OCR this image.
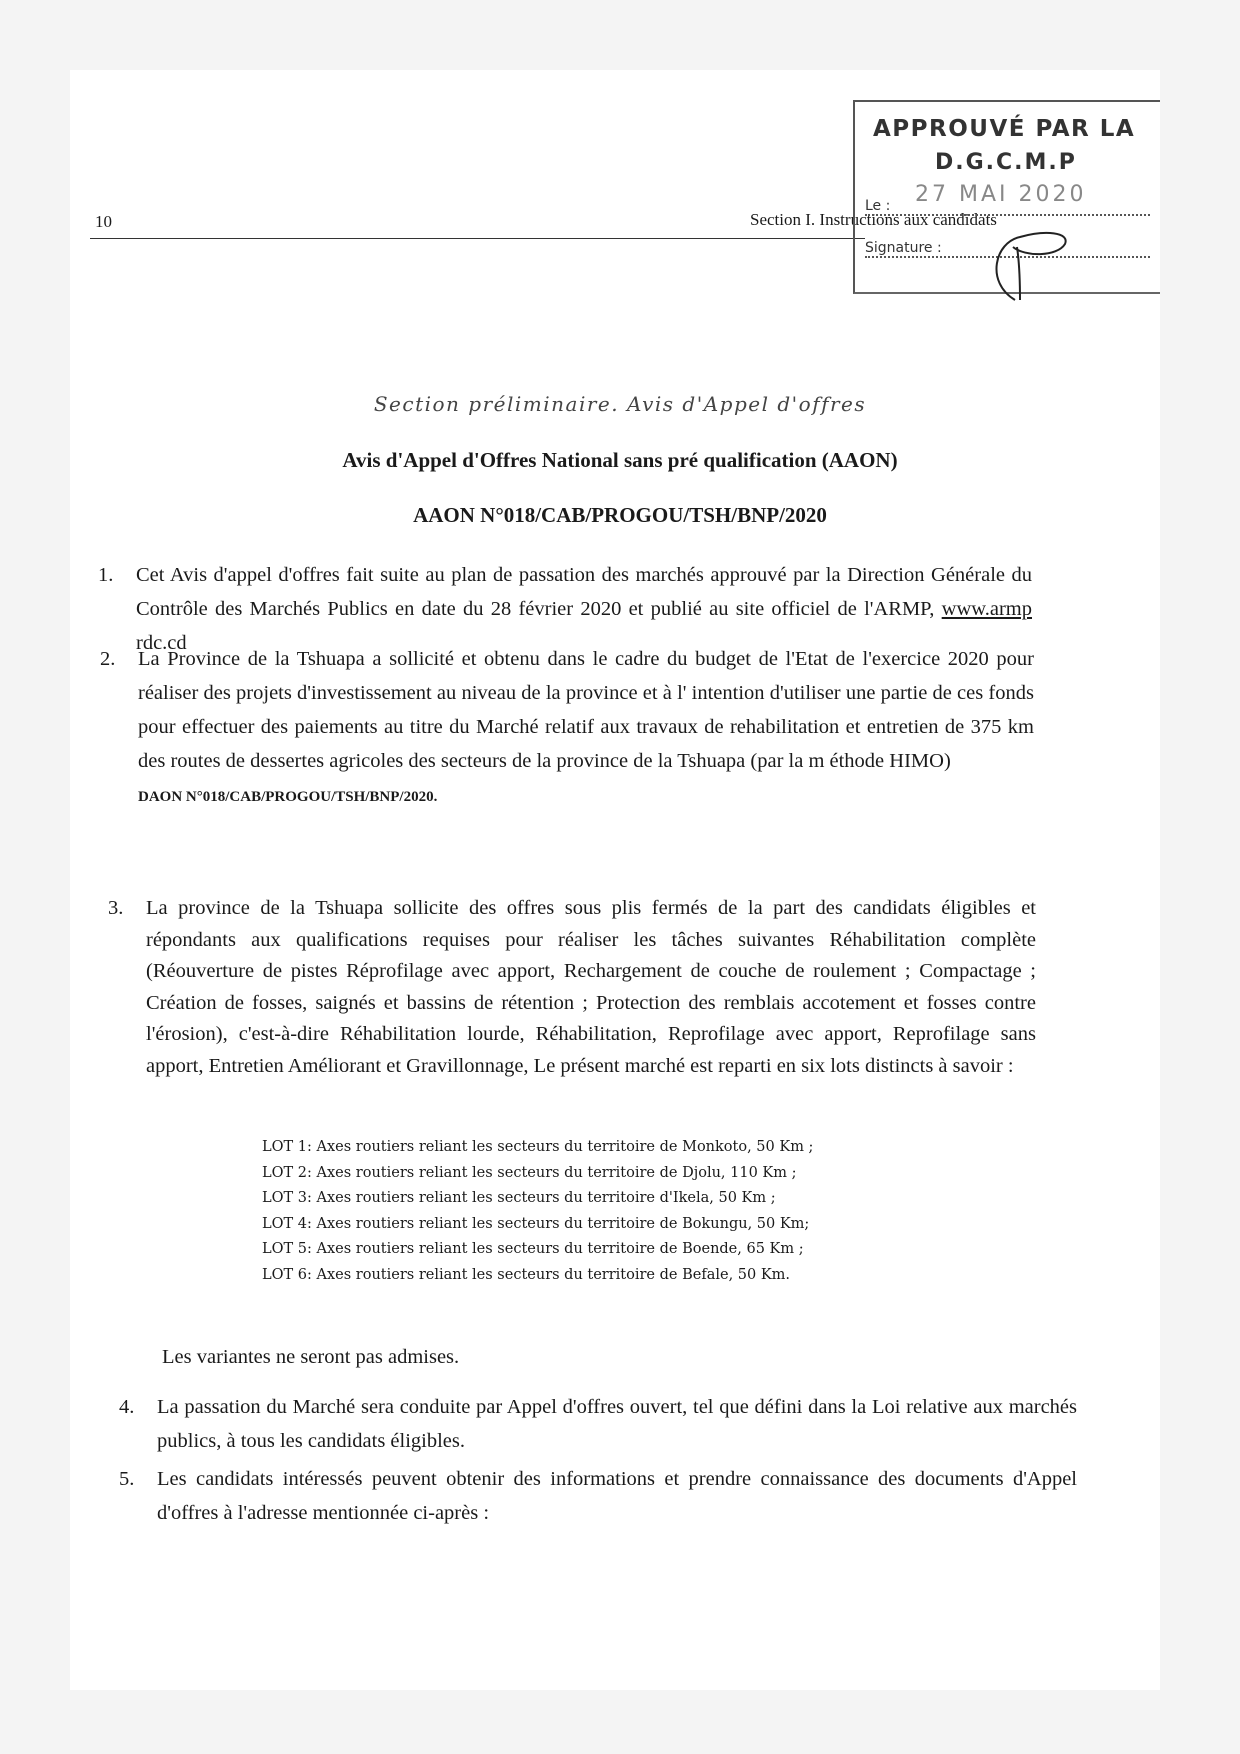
10	Section I. Instructions aux candidats
APPROUVÉ PAR LA
D.G.C.M.P
27 MAI 2020
Le :
Signature :
Section préliminaire. Avis d'Appel d'offres
Avis d'Appel d'Offres National sans pré qualification (AAON)
AAON N°018/CAB/PROGOU/TSH/BNP/2020
1. Cet Avis d'appel d'offres fait suite au plan de passation des marchés approuvé par la Direction Générale du Contrôle des Marchés Publics en date du 28 février 2020 et publié au site officiel de l'ARMP, www.armp rdc.cd
2. La Province de la Tshuapa a sollicité et obtenu dans le cadre du budget de l'Etat de l'exercice 2020 pour réaliser des projets d'investissement au niveau de la province et à l' intention d'utiliser une partie de ces fonds pour effectuer des paiements au titre du Marché relatif aux travaux de rehabilitation et entretien de 375 km des routes de dessertes agricoles des secteurs de la province de la Tshuapa (par la m éthode HIMO)
DAON N°018/CAB/PROGOU/TSH/BNP/2020.
3. La province de la Tshuapa sollicite des offres sous plis fermés de la part des candidats éligibles et répondants aux qualifications requises pour réaliser les tâches suivantes Réhabilitation complète (Réouverture de pistes Réprofilage avec apport, Rechargement de couche de roulement ; Compactage ; Création de fosses, saignés et bassins de rétention ; Protection des remblais accotement et fosses contre l'érosion), c'est-à-dire Réhabilitation lourde, Réhabilitation, Reprofilage avec apport, Reprofilage sans apport, Entretien Améliorant et Gravillonnage, Le présent marché est reparti en six lots distincts à savoir :
LOT 1: Axes routiers reliant les secteurs du territoire de Monkoto, 50 Km ;
LOT 2: Axes routiers reliant les secteurs du territoire de Djolu, 110 Km ;
LOT 3: Axes routiers reliant les secteurs du territoire d'Ikela, 50 Km ;
LOT 4: Axes routiers reliant les secteurs du territoire de Bokungu, 50 Km;
LOT 5: Axes routiers reliant les secteurs du territoire de Boende, 65 Km ;
LOT 6: Axes routiers reliant les secteurs du territoire de Befale, 50 Km.
Les variantes ne seront pas admises.
4. La passation du Marché sera conduite par Appel d'offres ouvert, tel que défini dans la Loi relative aux marchés publics, à tous les candidats éligibles.
5. Les candidats intéressés peuvent obtenir des informations et prendre connaissance des documents d'Appel d'offres à l'adresse mentionnée ci-après :
